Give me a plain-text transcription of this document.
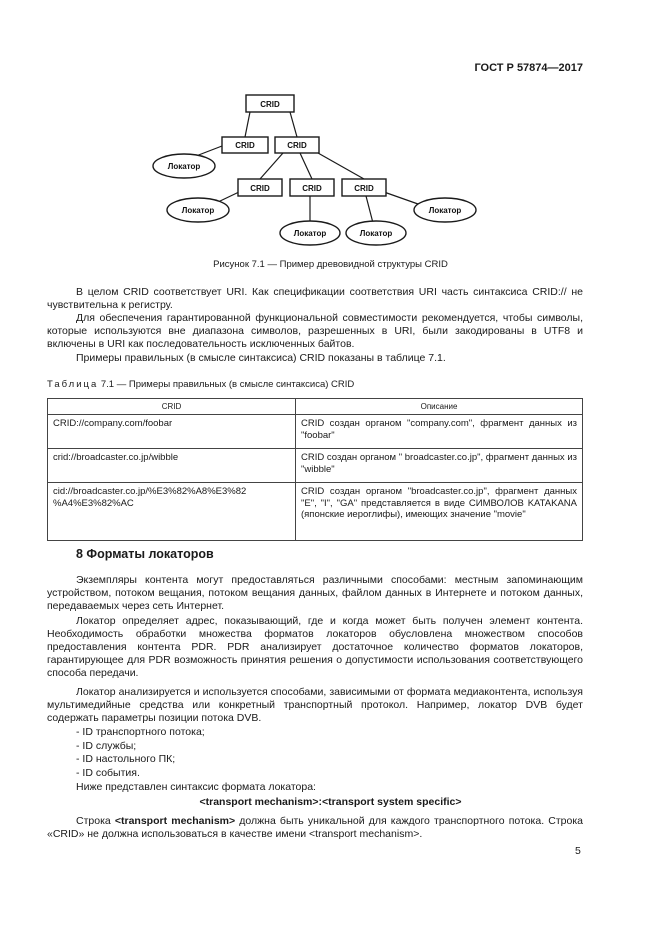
ГОСТ Р 57874—2017
CRID
CRID	CRID
CRID	CRID	CRID
Локатор
Локатор
Локатор	Локатор
Локатор
Рисунок 7.1 — Пример древовидной структуры CRID

В целом CRID соответствует URI. Как спецификации соответствия URI часть синтаксиса CRID:// не чувствительна к регистру.

Для обеспечения гарантированной функциональной совместимости рекомендуется, чтобы символы, которые используются вне диапазона символов, разрешенных в URI, были закодированы в UTF8 и включены в URI как последовательность исключенных байтов.

Примеры правильных (в смысле синтаксиса) CRID показаны в таблице 7.1.

Таблица 7.1 — Примеры правильных (в смысле синтаксиса) CRID
CRID	Описание
CRID://company.com/foobar	CRID создан органом "company.com", фрагмент данных из "foobar"
crid://broadcaster.co.jp/wibble	CRID создан органом " broadcaster.co.jp", фрагмент данных из "wibble"
cid://broadcaster.co.jp/%E3%82%A8%E3%82 %A4%E3%82%AC	CRID создан органом "broadcaster.co.jp", фрагмент данных "E", "I", "GA" представляется в виде СИМВОЛОВ KATAKANA (японские иероглифы), имеющих значение "movie"
8 Форматы локаторов

Экземпляры контента могут предоставляться различными способами: местным запоминающим устройством, потоком вещания, потоком вещания данных, файлом данных в Интернете и потоком данных, передаваемых через сеть Интернет.

Локатор определяет адрес, показывающий, где и когда может быть получен элемент контента. Необходимость обработки множества форматов локаторов обусловлена множеством способов предоставления контента PDR. PDR анализирует достаточное количество форматов локаторов, гарантирующее для PDR возможность принятия решения о допустимости использования соответствующего способа передачи.

Локатор анализируется и используется способами, зависимыми от формата медиаконтента, используя мультимедийные средства или конкретный транспортный протокол. Например, локатор DVB будет содержать параметры позиции потока DVB.

- ID транспортного потока;
- ID службы;
- ID настольного ПК;
- ID события.

Ниже представлен синтаксис формата локатора:

<transport mechanism>:<transport system specific>

Строка <transport mechanism> должна быть уникальной для каждого транспортного потока. Строка «CRID» не должна использоваться в качестве имени <transport mechanism>.

5
